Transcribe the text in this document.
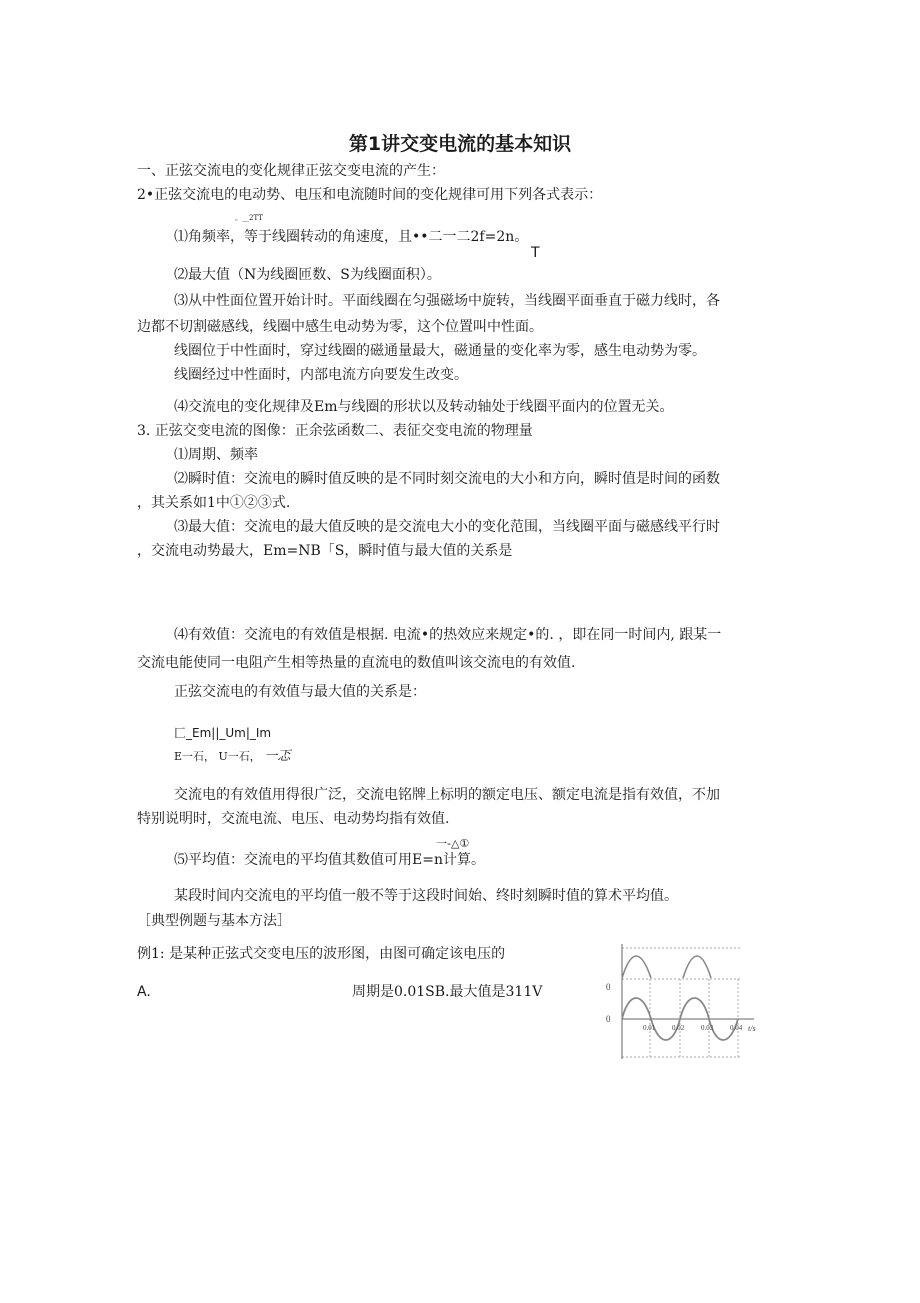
第1讲交变电流的基本知识
一、正弦交流电的变化规律正弦交变电流的产生：
2•正弦交流电的电动势、电压和电流随时间的变化规律可用下列各式表示：
。__2TT
⑴角频率，等于线圈转动的角速度，且••二一二2f=2n。
T
⑵最大值（N为线圈匝数、S为线圈面积）。
⑶从中性面位置开始计时。平面线圈在匀强磁场中旋转，当线圈平面垂直于磁力线时，各
边都不切割磁感线，线圈中感生电动势为零，这个位置叫中性面。
线圈位于中性面时，穿过线圈的磁通量最大，磁通量的变化率为零，感生电动势为零。
线圈经过中性面时，内部电流方向要发生改变。
⑷交流电的变化规律及Em与线圈的形状以及转动轴处于线圈平面内的位置无关。
3. 正弦交变电流的图像：正余弦函数二、表征交变电流的物理量
⑴周期、频率
⑵瞬时值：交流电的瞬时值反映的是不同时刻交流电的大小和方向，瞬时值是时间的函数
，其关系如1中①②③式.
⑶最大值：交流电的最大值反映的是交流电大小的变化范围，当线圈平面与磁感线平行时
，交流电动势最大，Em=NB「S，瞬时值与最大值的关系是
⑷有效值：交流电的有效值是根据. 电流•的热效应来规定•的. ，即在同一时间内, 跟某一
交流电能使同一电阻产生相等热量的直流电的数值叫该交流电的有效值.
正弦交流电的有效值与最大值的关系是：
匚_Em||_Um|_Im
E一石， U一石， 一忑
交流电的有效值用得很广泛，交流电铭牌上标明的额定电压、额定电流是指有效值，不加
特别说明时，交流电流、电压、电动势均指有效值.
一-△①
⑸平均值：交流电的平均值其数值可用E=n计算。
某段时间内交流电的平均值一般不等于这段时间始、终时刻瞬时值的算术平均值。
［典型例题与基本方法］
例1: 是某种正弦式交变电压的波形图，由图可确定该电压的
A.	周期是0.01SB.最大值是311V	0
0
0.01 0.02 0.03 0.04 t/s
